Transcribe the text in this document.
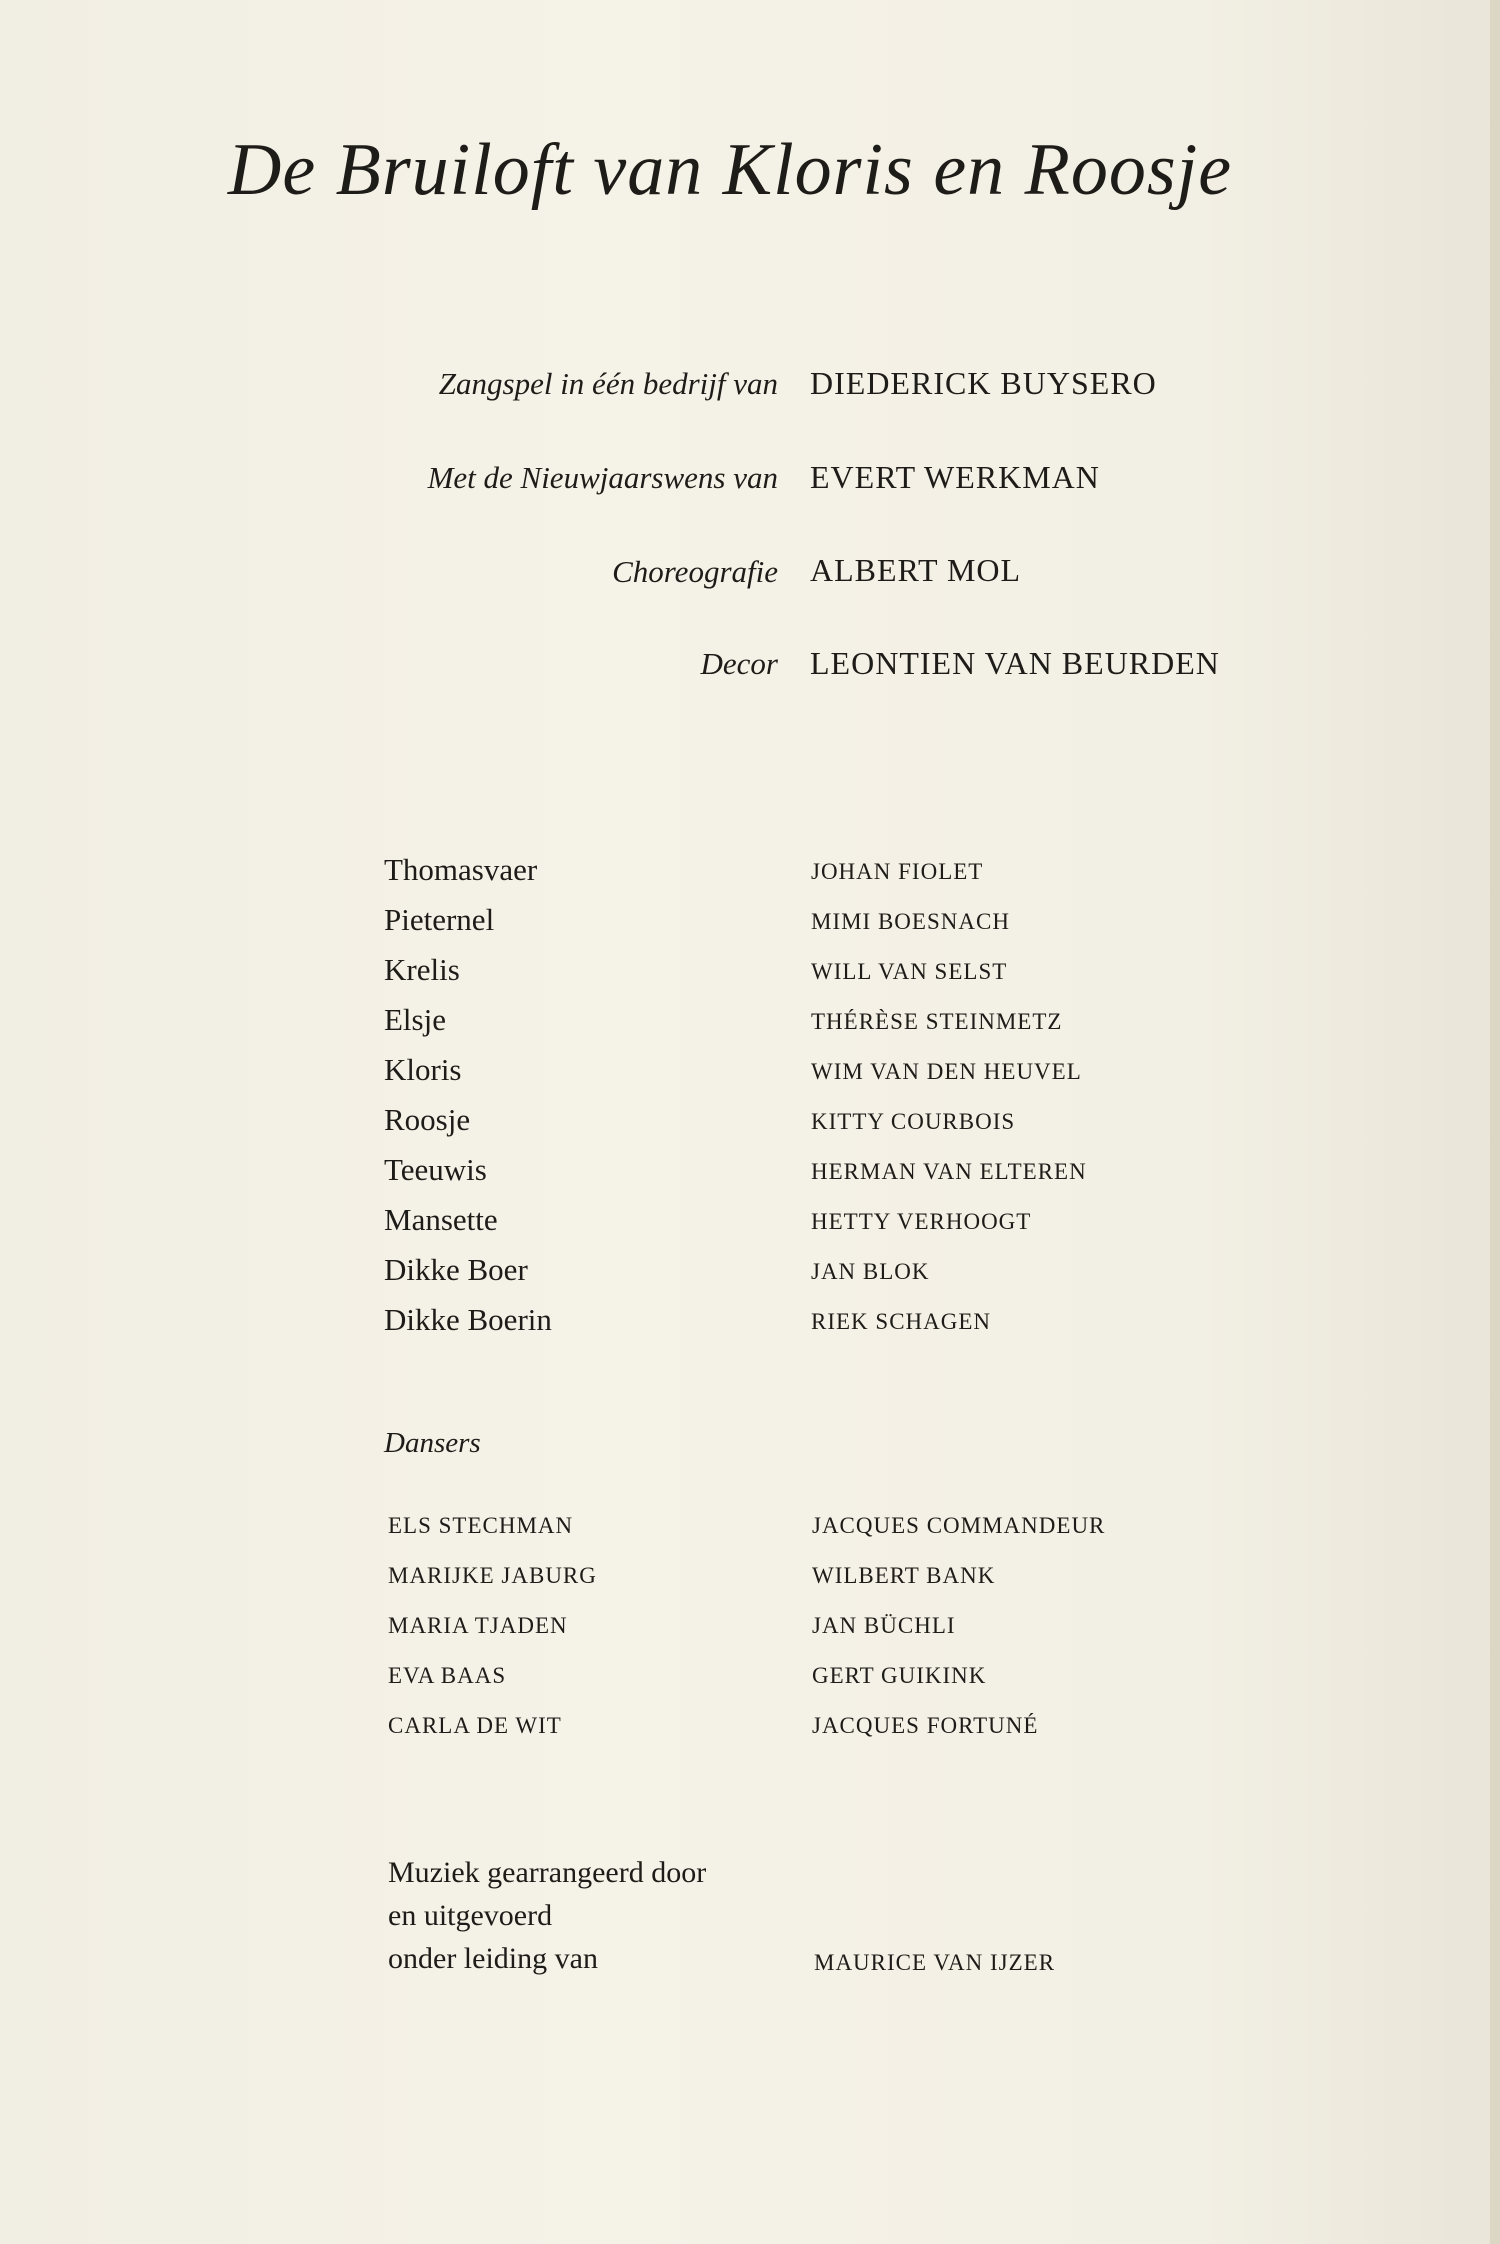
De Bruiloft van Kloris en Roosje
Zangspel in één bedrijf van DIEDERICK BUYSERO
Met de Nieuwjaarswens van EVERT WERKMAN
Choreografie ALBERT MOL
Decor LEONTIEN VAN BEURDEN
Thomasvaer	JOHAN FIOLET
Pieternel	MIMI BOESNACH
Krelis	WILL VAN SELST
Elsje	THÉRÈSE STEINMETZ
Kloris	WIM VAN DEN HEUVEL
Roosje	KITTY COURBOIS
Teeuwis	HERMAN VAN ELTEREN
Mansette	HETTY VERHOOGT
Dikke Boer	JAN BLOK
Dikke Boerin	RIEK SCHAGEN
Dansers
ELS STECHMAN	JACQUES COMMANDEUR
MARIJKE JABURG	WILBERT BANK
MARIA TJADEN	JAN BÜCHLI
EVA BAAS	GERT GUIKINK
CARLA DE WIT	JACQUES FORTUNÉ
Muziek gearrangeerd door
en uitgevoerd
onder leiding van	MAURICE VAN IJZER
